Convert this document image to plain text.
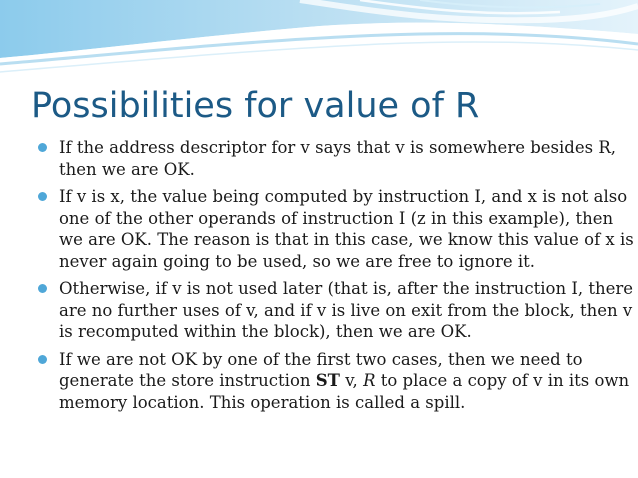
Possibilities for value of R
If the address descriptor for v says that v is somewhere besides R, then we are OK.
If v is x, the value being computed by instruction I, and x is not also one of the other operands of instruction I (z in this example), then we are OK. The reason is that in this case, we know this value of x is never again going to be used, so we are free to ignore it.
Otherwise, if v is not used later (that is, after the instruction I, there are no further uses of v, and if v is live on exit from the block, then v is recomputed within the block), then we are OK.
If we are not OK by one of the first two cases, then we need to generate the store instruction ST v, R to place a copy of v in its own memory location. This operation is called a spill.
